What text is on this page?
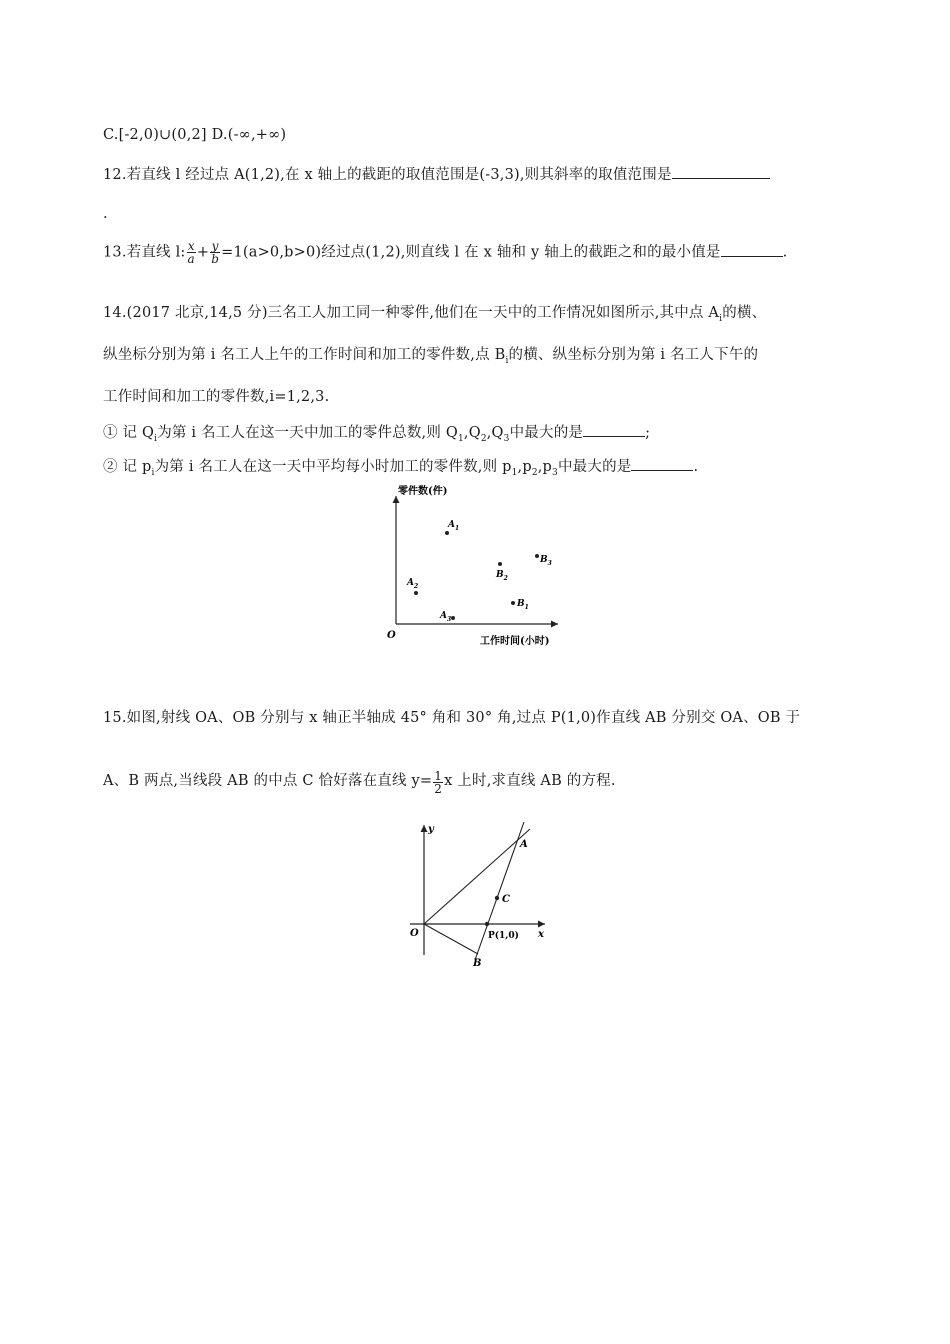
C.[-2,0)∪(0,2] D.(-∞,+∞)
12.若直线 l 经过点 A(1,2),在 x 轴上的截距的取值范围是(-3,3),则其斜率的取值范围是
.
13.若直线 l: $\frac{x}{a} + \frac{y}{b} =1(a>0,b>0)$经过点(1,2),则直线 l 在 x 轴和 y 轴上的截距之和的最小值是	.
14.(2017 北京,14,5 分)三名工人加工同一种零件,他们在一天中的工作情况如图所示,其中点 $A_i$的横、
纵坐标分别为第 i 名工人上午的工作时间和加工的零件数,点 $B_i$的横、纵坐标分别为第 i 名工人下午的
工作时间和加工的零件数,i=1,2,3.
① 记 $Q_i$为第 i 名工人在这一天中加工的零件总数,则 $Q_1,Q_2,Q_3$中最大的是	;
② 记 $p_i$为第 i 名工人在这一天中平均每小时加工的零件数,则 $p_1,p_2,p_3$中最大的是	.
零件数(件)
工作时间(小时)
O
$A_1$
$A_2$
$A_3$
$B_1$
$B_2$
$B_3$
15.如图,射线 OA、OB 分别与 x 轴正半轴成 45° 角和 30° 角,过点 P(1,0)作直线 AB 分别交 OA、OB 于
A、B 两点,当线段 AB 的中点 C 恰好落在直线 $y= \frac{1}{2}$ x 上时,求直线 AB 的方程.
y
x
O
A
C
P(1,0)
B
